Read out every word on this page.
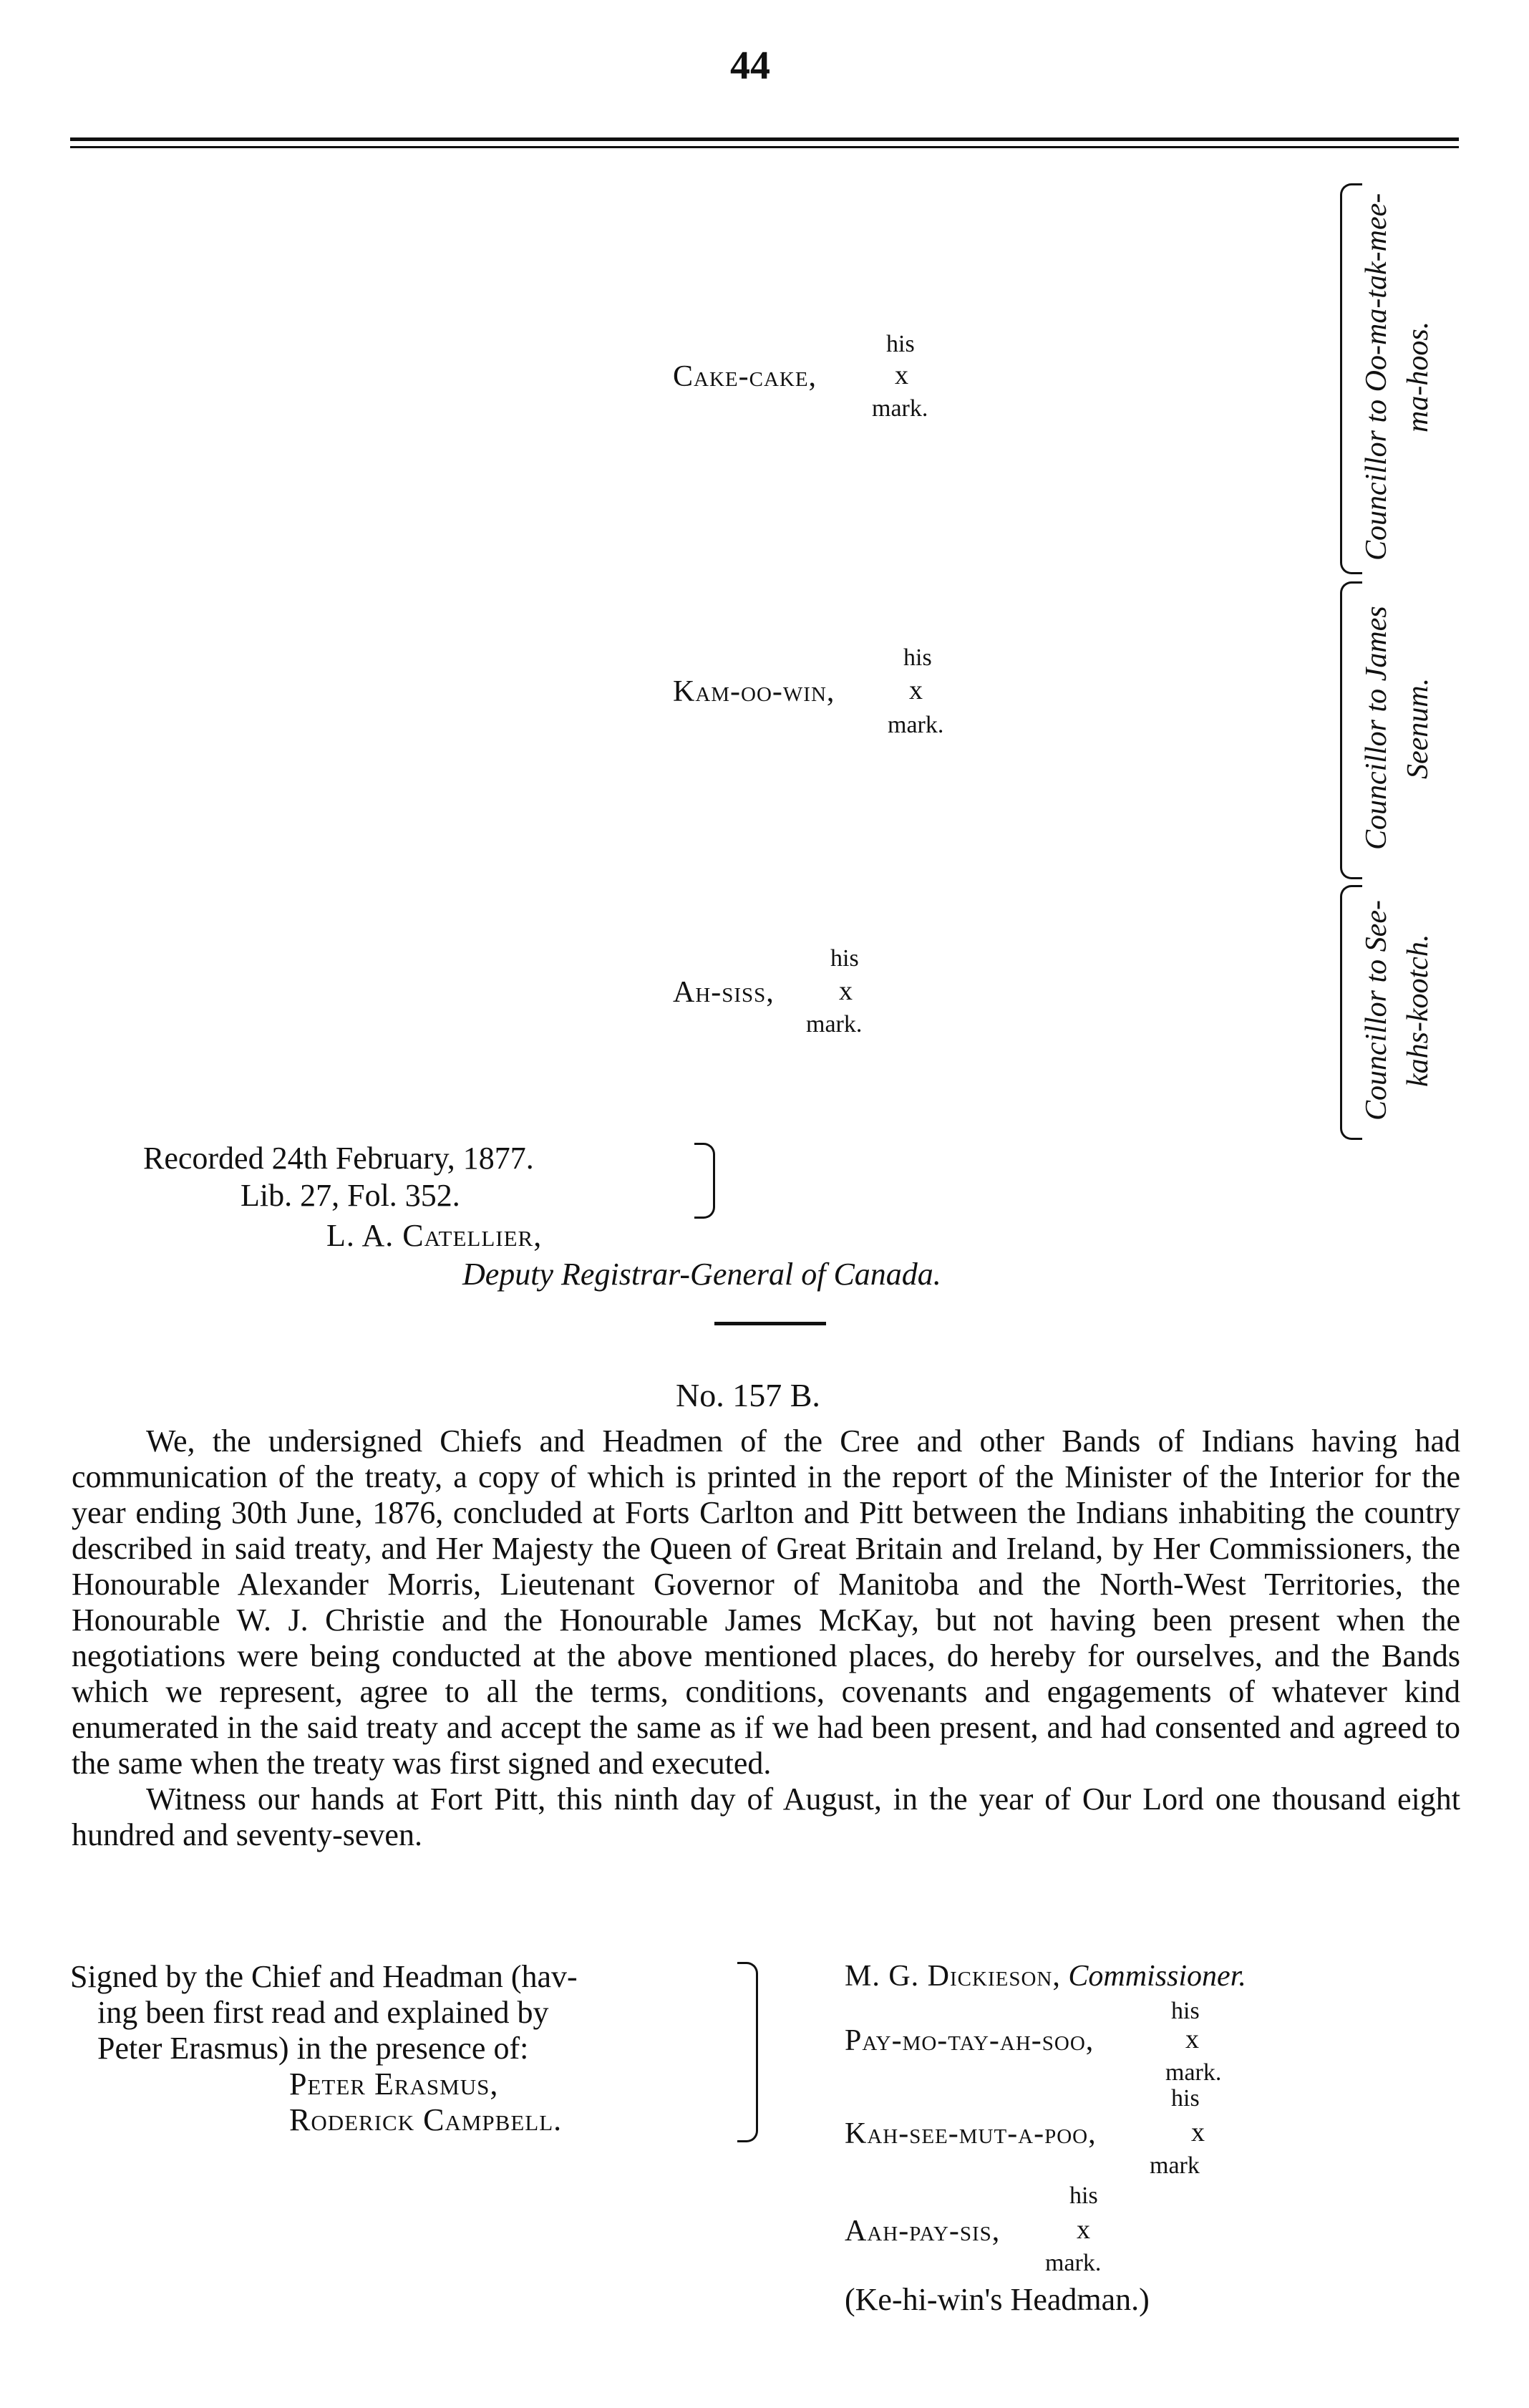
44
his
Cake-cake,	x
mark.
his
Kam-oo-win,	x
mark.
his
Ah-siss, x
mark.
Councillor to Oo-ma-tak-mee-ma-hoos.
Councillor to James Seenum.
Councillor to See-kahs-kootch.
Recorded 24th February, 1877.
Lib. 27, Fol. 352.
L. A. Catellier,
Deputy Registrar-General of Canada.
No. 157 B.

We, the undersigned Chiefs and Headmen of the Cree and other Bands of Indians having had communication of the treaty, a copy of which is printed in the report of the Minister of the Interior for the year ending 30th June, 1876, concluded at Forts Carlton and Pitt between the Indians inhabiting the country described in said treaty, and Her Majesty the Queen of Great Britain and Ireland, by Her Commissioners, the Honourable Alexander Morris, Lieutenant Governor of Manitoba and the North-West Territories, the Honourable W. J. Christie and the Honourable James McKay, but not having been present when the negotiations were being conducted at the above mentioned places, do hereby for ourselves, and the Bands which we represent, agree to all the terms, conditions, covenants and engagements of whatever kind enumerated in the said treaty and accept the same as if we had been present, and had consented and agreed to the same when the treaty was first signed and executed.

Witness our hands at Fort Pitt, this ninth day of August, in the year of Our Lord one thousand eight hundred and seventy-seven.

Signed by the Chief and Headman (hav-
ing been first read and explained by
Peter Erasmus) in the presence of:
Peter Erasmus,
Roderick Campbell.
M. G. Dickieson, Commissioner.
his
Pay-mo-tay-ah-soo,	x
mark.
his
Kah-see-mut-a-poo,	x
mark
his
Aah-pay-sis,	x
mark.
(Ke-hi-win's Headman.)
